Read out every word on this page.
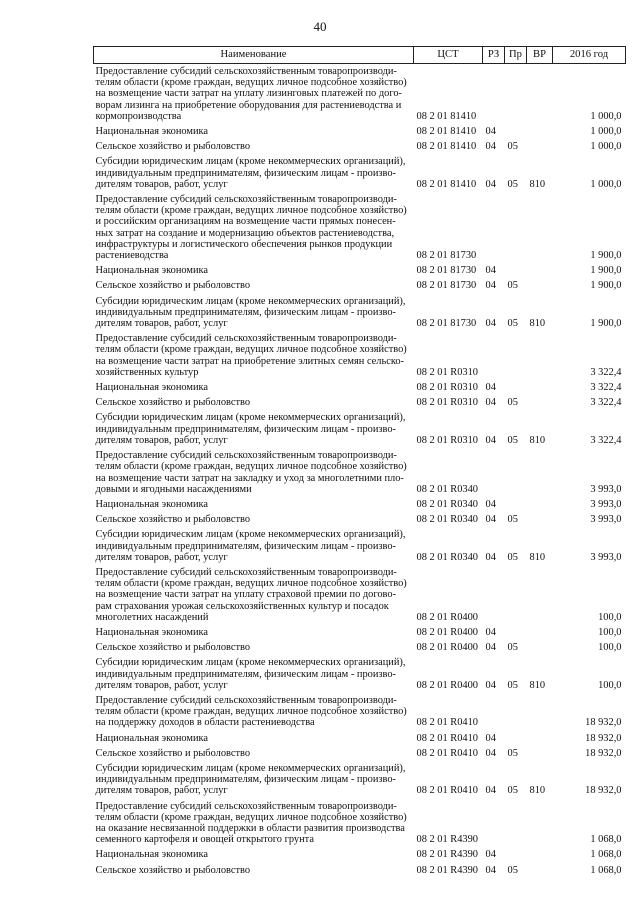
40
Наименование	ЦСТ	РЗ	Пр	ВР	2016 год
Предоставление субсидий сельскохозяйственным товаропроизводи-телям области (кроме граждан, ведущих личное подсобное хозяйство) на возмещение части затрат на уплату лизинговых платежей по дого-ворам лизинга на приобретение оборудования для растениеводства и кормопроизводства	08 2 01 81410				1 000,0
Национальная экономика	08 2 01 81410	04			1 000,0
Сельское хозяйство и рыболовство	08 2 01 81410	04	05		1 000,0
Субсидии юридическим лицам (кроме некоммерческих организаций), индивидуальным предпринимателям, физическим лицам - произво-дителям товаров, работ, услуг	08 2 01 81410	04	05	810	1 000,0
Предоставление субсидий сельскохозяйственным товаропроизводи-телям области (кроме граждан, ведущих личное подсобное хозяйство) и российским организациям на возмещение части прямых понесен-ных затрат на создание и модернизацию объектов растениеводства, инфраструктуры и логистического обеспечения рынков продукции растениеводства	08 2 01 81730				1 900,0
Национальная экономика	08 2 01 81730	04			1 900,0
Сельское хозяйство и рыболовство	08 2 01 81730	04	05		1 900,0
Субсидии юридическим лицам (кроме некоммерческих организаций), индивидуальным предпринимателям, физическим лицам - произво-дителям товаров, работ, услуг	08 2 01 81730	04	05	810	1 900,0
Предоставление субсидий сельскохозяйственным товаропроизводи-телям области (кроме граждан, ведущих личное подсобное хозяйство) на возмещение части затрат на приобретение элитных семян сельско-хозяйственных культур	08 2 01 R0310				3 322,4
Национальная экономика	08 2 01 R0310	04			3 322,4
Сельское хозяйство и рыболовство	08 2 01 R0310	04	05		3 322,4
Субсидии юридическим лицам (кроме некоммерческих организаций), индивидуальным предпринимателям, физическим лицам - произво-дителям товаров, работ, услуг	08 2 01 R0310	04	05	810	3 322,4
Предоставление субсидий сельскохозяйственным товаропроизводи-телям области (кроме граждан, ведущих личное подсобное хозяйство) на возмещение части затрат на закладку и уход за многолетними пло-довыми и ягодными насаждениями	08 2 01 R0340				3 993,0
Национальная экономика	08 2 01 R0340	04			3 993,0
Сельское хозяйство и рыболовство	08 2 01 R0340	04	05		3 993,0
Субсидии юридическим лицам (кроме некоммерческих организаций), индивидуальным предпринимателям, физическим лицам - произво-дителям товаров, работ, услуг	08 2 01 R0340	04	05	810	3 993,0
Предоставление субсидий сельскохозяйственным товаропроизводи-телям области (кроме граждан, ведущих личное подсобное хозяйство) на возмещение части затрат на уплату страховой премии по догово-рам страхования урожая сельскохозяйственных культур и посадок многолетних насаждений	08 2 01 R0400				100,0
Национальная экономика	08 2 01 R0400	04			100,0
Сельское хозяйство и рыболовство	08 2 01 R0400	04	05		100,0
Субсидии юридическим лицам (кроме некоммерческих организаций), индивидуальным предпринимателям, физическим лицам - произво-дителям товаров, работ, услуг	08 2 01 R0400	04	05	810	100,0
Предоставление субсидий сельскохозяйственным товаропроизводи-телям области (кроме граждан, ведущих личное подсобное хозяйство) на поддержку доходов в области растениеводства	08 2 01 R0410				18 932,0
Национальная экономика	08 2 01 R0410	04			18 932,0
Сельское хозяйство и рыболовство	08 2 01 R0410	04	05		18 932,0
Субсидии юридическим лицам (кроме некоммерческих организаций), индивидуальным предпринимателям, физическим лицам - произво-дителям товаров, работ, услуг	08 2 01 R0410	04	05	810	18 932,0
Предоставление субсидий сельскохозяйственным товаропроизводи-телям области (кроме граждан, ведущих личное подсобное хозяйство) на оказание несвязанной поддержки в области развития производства семенного картофеля и овощей открытого грунта	08 2 01 R4390				1 068,0
Национальная экономика	08 2 01 R4390	04			1 068,0
Сельское хозяйство и рыболовство	08 2 01 R4390	04	05		1 068,0
